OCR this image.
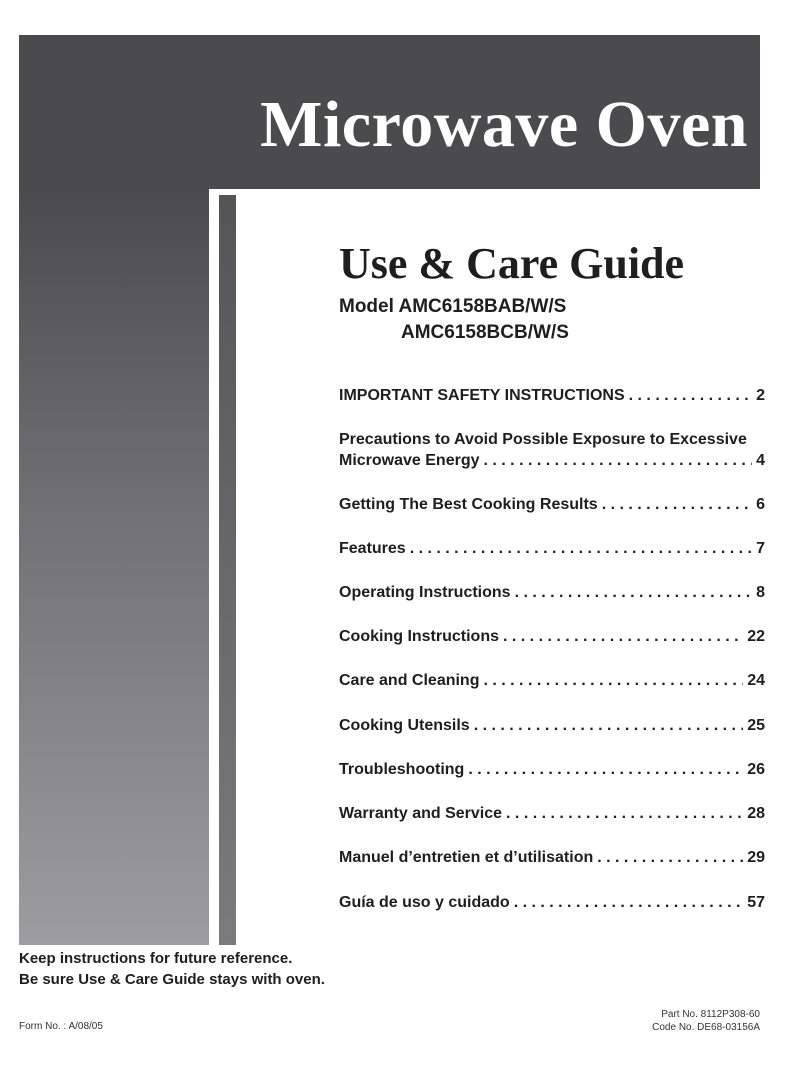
Microwave Oven
Use & Care Guide
Model AMC6158BAB/W/S
AMC6158BCB/W/S
IMPORTANT SAFETY INSTRUCTIONS . . .	2
Precautions to Avoid Possible Exposure to Excessive
Microwave Energy . . .	4
Getting The Best Cooking Results . . .	6
Features . . .	7
Operating Instructions . . .	8
Cooking Instructions . . .	22
Care and Cleaning . . .	24
Cooking Utensils . . .	25
Troubleshooting . . .	26
Warranty and Service . . .	28
Manuel d’entretien et d’utilisation . . .	29
Guía de uso y cuidado . . .	57
Keep instructions for future reference.
Be sure Use & Care Guide stays with oven.
Form No. : A/08/05
Part No. 8112P308-60
Code No. DE68-03156A
